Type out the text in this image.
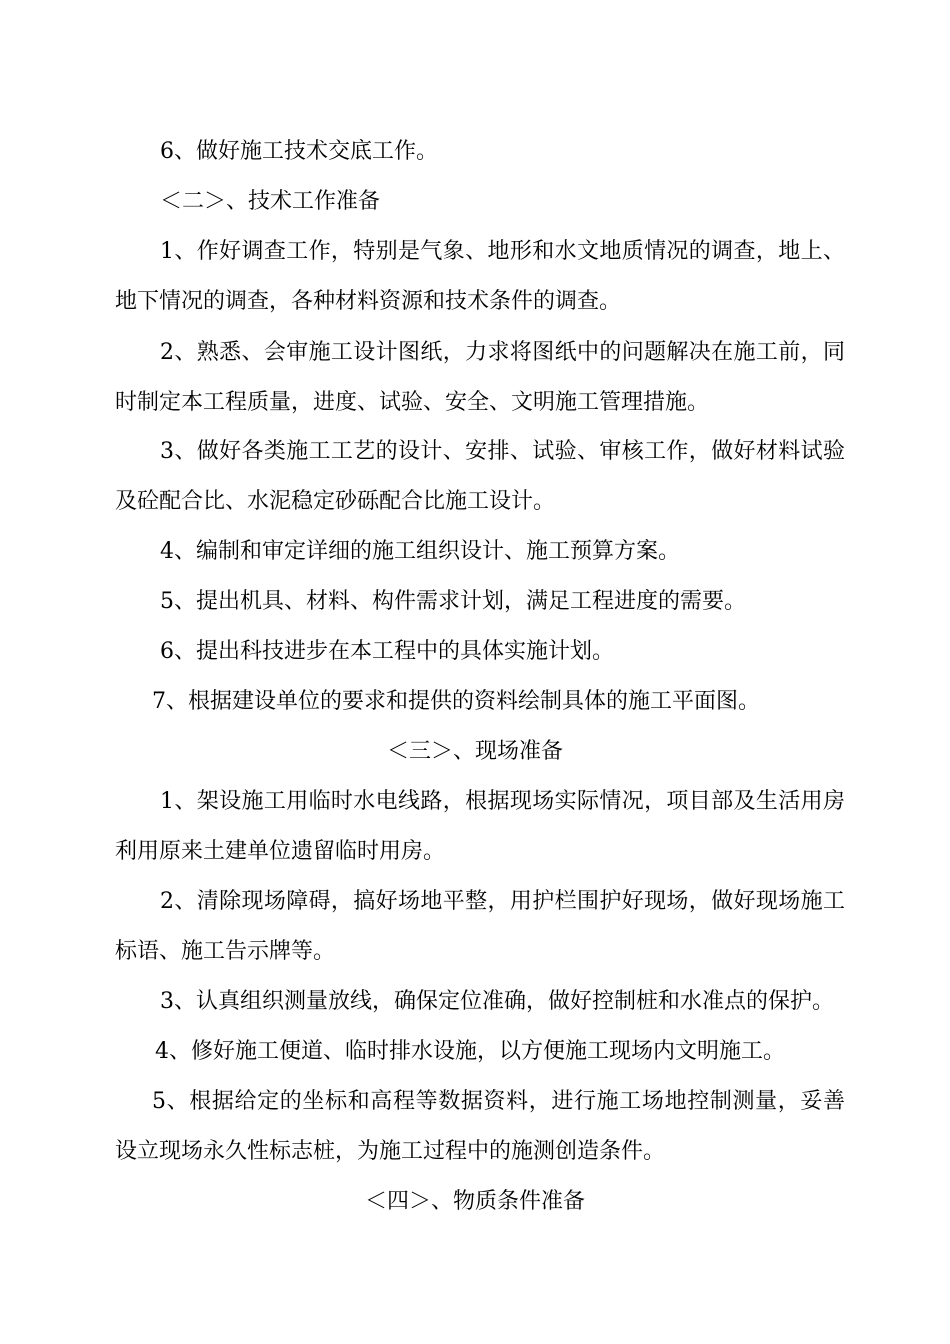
6、做好施工技术交底工作。

＜二＞、技术工作准备

1、作好调查工作，特别是气象、地形和水文地质情况的调查，地上、

地下情况的调查，各种材料资源和技术条件的调查。

2、熟悉、会审施工设计图纸，力求将图纸中的问题解决在施工前，同

时制定本工程质量，进度、试验、安全、文明施工管理措施。

3、做好各类施工工艺的设计、安排、试验、审核工作，做好材料试验

及砼配合比、水泥稳定砂砾配合比施工设计。

4、编制和审定详细的施工组织设计、施工预算方案。

5、提出机具、材料、构件需求计划，满足工程进度的需要。

6、提出科技进步在本工程中的具体实施计划。

7、根据建设单位的要求和提供的资料绘制具体的施工平面图。

＜三＞、现场准备

1、架设施工用临时水电线路，根据现场实际情况，项目部及生活用房

利用原来土建单位遗留临时用房。

2、清除现场障碍，搞好场地平整，用护栏围护好现场，做好现场施工

标语、施工告示牌等。

3、认真组织测量放线，确保定位准确，做好控制桩和水准点的保护。

4、修好施工便道、临时排水设施，以方便施工现场内文明施工。

5、根据给定的坐标和高程等数据资料，进行施工场地控制测量，妥善

设立现场永久性标志桩，为施工过程中的施测创造条件。

＜四＞、物质条件准备
